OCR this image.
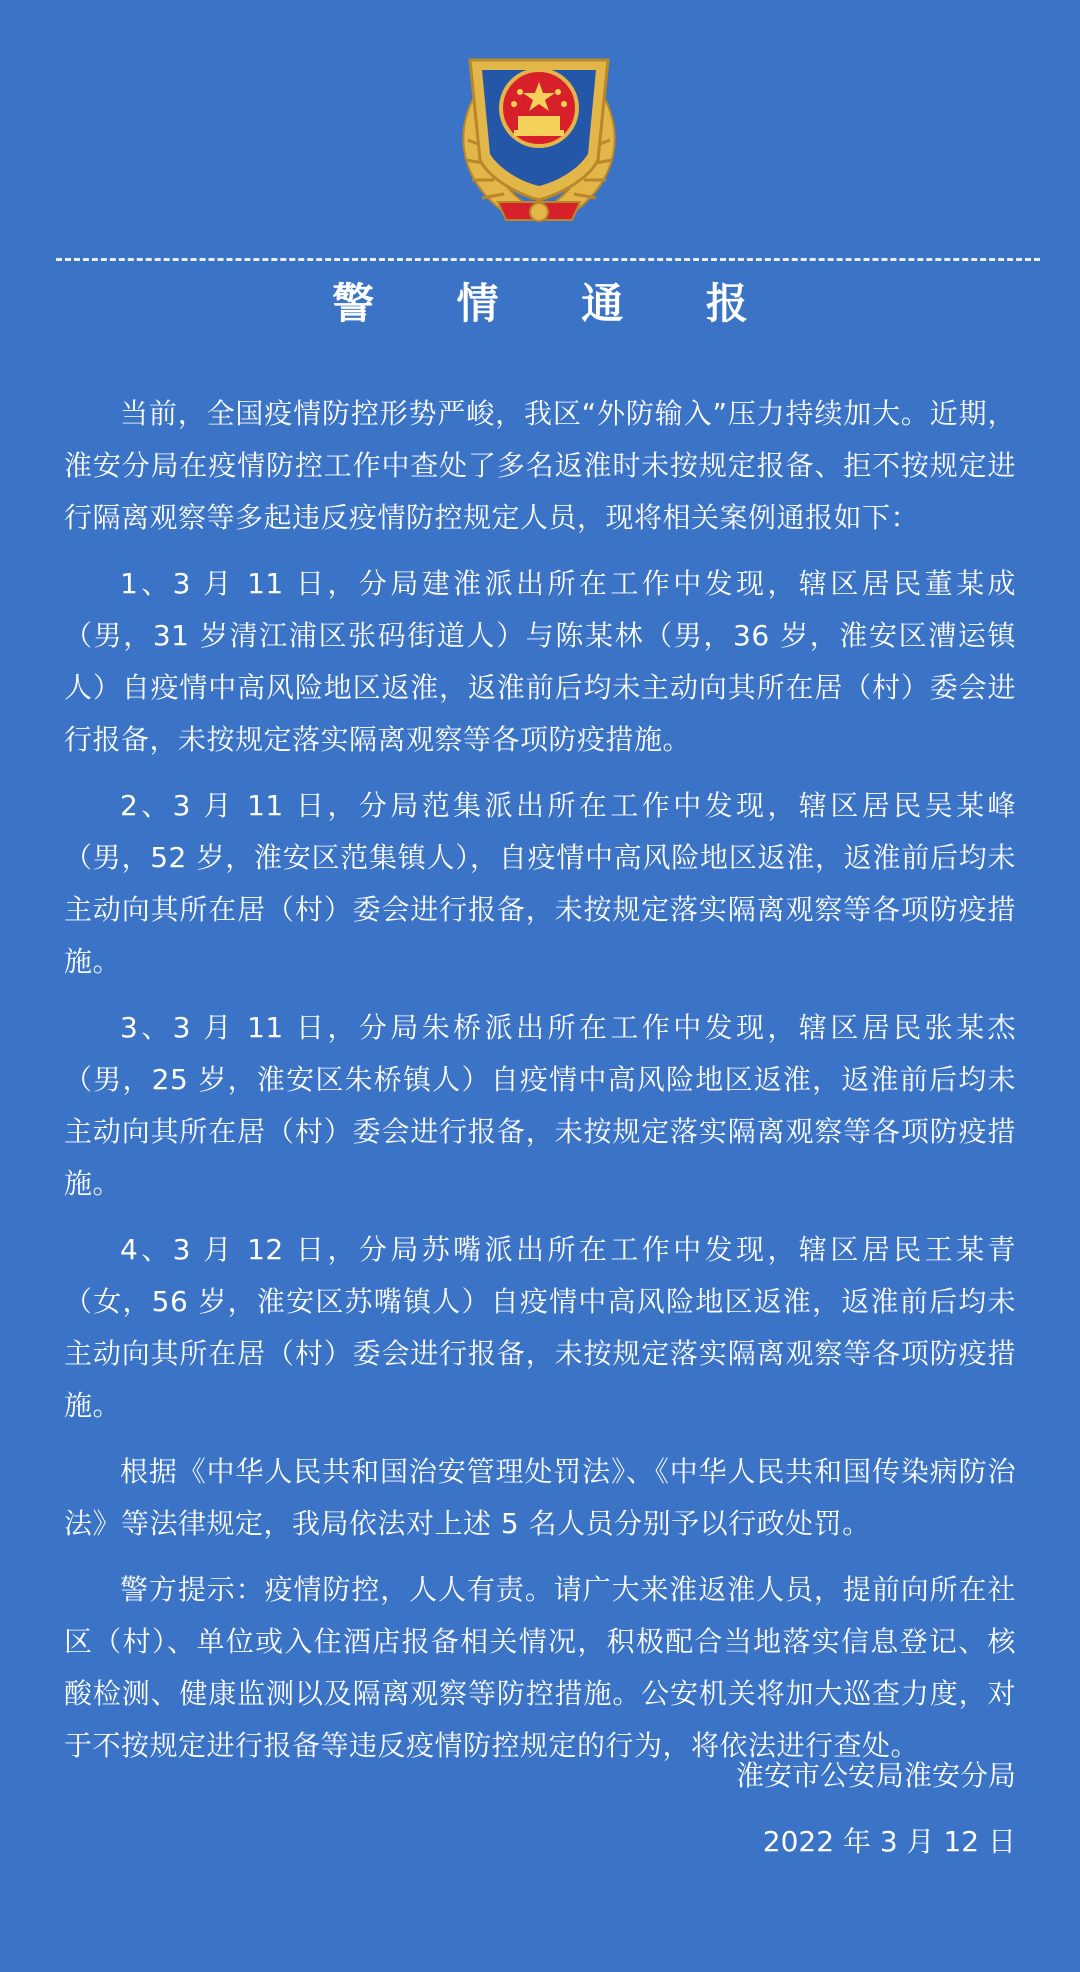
警 情 通 报

当前，全国疫情防控形势严峻，我区“外防输入”压力持续加大。近期，淮安分局在疫情防控工作中查处了多名返淮时未按规定报备、拒不按规定进行隔离观察等多起违反疫情防控规定人员，现将相关案例通报如下：

1、3 月 11 日，分局建淮派出所在工作中发现，辖区居民董某成（男，31 岁清江浦区张码街道人）与陈某林（男，36 岁，淮安区漕运镇人）自疫情中高风险地区返淮，返淮前后均未主动向其所在居（村）委会进行报备，未按规定落实隔离观察等各项防疫措施。

2、3 月 11 日，分局范集派出所在工作中发现，辖区居民吴某峰（男，52 岁，淮安区范集镇人），自疫情中高风险地区返淮，返淮前后均未主动向其所在居（村）委会进行报备，未按规定落实隔离观察等各项防疫措施。

3、3 月 11 日，分局朱桥派出所在工作中发现，辖区居民张某杰（男，25 岁，淮安区朱桥镇人）自疫情中高风险地区返淮，返淮前后均未主动向其所在居（村）委会进行报备，未按规定落实隔离观察等各项防疫措施。

4、3 月 12 日，分局苏嘴派出所在工作中发现，辖区居民王某青（女，56 岁，淮安区苏嘴镇人）自疫情中高风险地区返淮，返淮前后均未主动向其所在居（村）委会进行报备，未按规定落实隔离观察等各项防疫措施。

根据《中华人民共和国治安管理处罚法》、《中华人民共和国传染病防治法》等法律规定，我局依法对上述 5 名人员分别予以行政处罚。

警方提示：疫情防控，人人有责。请广大来淮返淮人员，提前向所在社区（村）、单位或入住酒店报备相关情况，积极配合当地落实信息登记、核酸检测、健康监测以及隔离观察等防控措施。公安机关将加大巡查力度，对于不按规定进行报备等违反疫情防控规定的行为，将依法进行查处。

淮安市公安局淮安分局
2022 年 3 月 12 日
